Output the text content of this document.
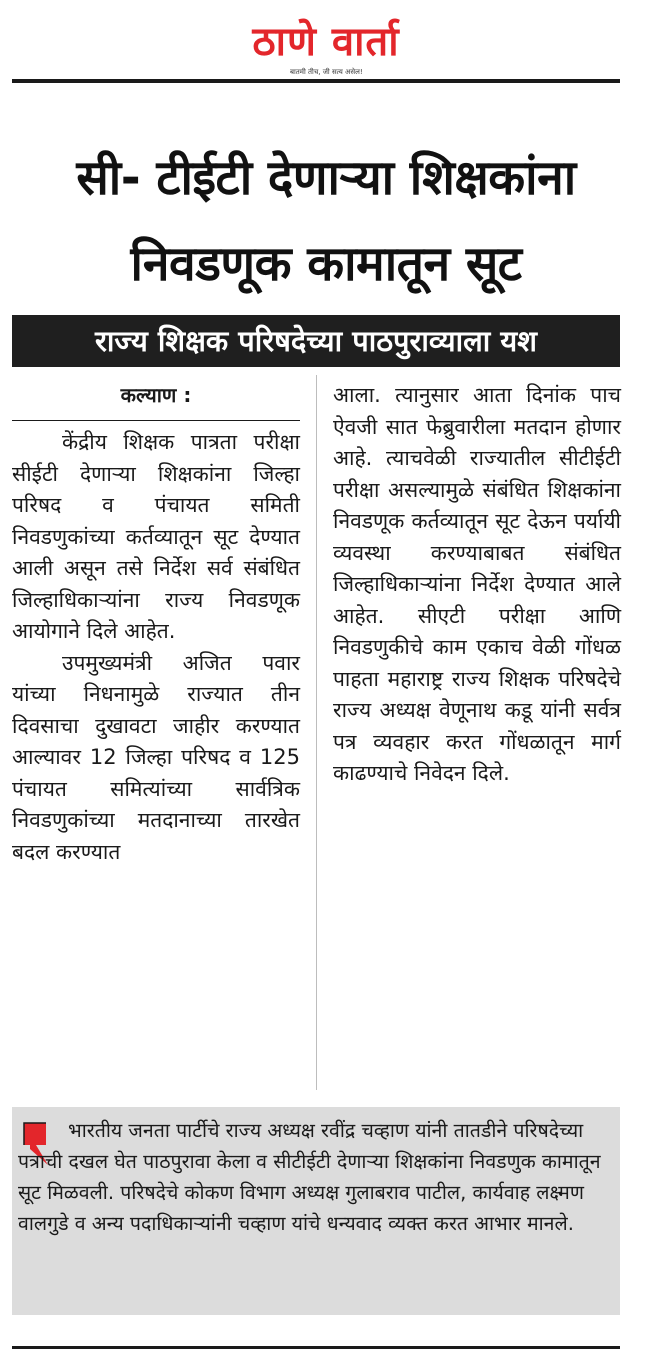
ठाणे वार्ता
बातमी तीच, जी सत्य असेल!
सी- टीईटी देणाऱ्या शिक्षकांना
निवडणूक कामातून सूट
राज्य शिक्षक परिषदेच्या पाठपुराव्याला यश
कल्याण :

केंद्रीय शिक्षक पात्रता परीक्षा सीईटी देणाऱ्या शिक्षकांना जिल्हा परिषद व पंचायत समिती निवडणुकांच्या कर्तव्यातून सूट देण्यात आली असून तसे निर्देश सर्व संबंधित जिल्हाधिकाऱ्यांना राज्य निवडणूक आयोगाने दिले आहेत.

उपमुख्यमंत्री अजित पवार यांच्या निधनामुळे राज्यात तीन दिवसाचा दुखावटा जाहीर करण्यात आल्यावर 12 जिल्हा परिषद व 125 पंचायत समित्यांच्या सार्वत्रिक निवडणुकांच्या मतदानाच्या तारखेत बदल करण्यात

आला. त्यानुसार आता दिनांक पाच ऐवजी सात फेब्रुवारीला मतदान होणार आहे. त्याचवेळी राज्यातील सीटीईटी परीक्षा असल्यामुळे संबंधित शिक्षकांना निवडणूक कर्तव्यातून सूट देऊन पर्यायी व्यवस्था करण्याबाबत संबंधित जिल्हाधिकाऱ्यांना निर्देश देण्यात आले आहेत. सीएटी परीक्षा आणि निवडणुकीचे काम एकाच वेळी गोंधळ पाहता महाराष्ट्र राज्य शिक्षक परिषदेचे राज्य अध्यक्ष वेणूनाथ कडू यांनी सर्वत्र पत्र व्यवहार करत गोंधळातून मार्ग काढण्याचे निवेदन दिले.

भारतीय जनता पार्टीचे राज्य अध्यक्ष रवींद्र चव्हाण यांनी तातडीने परिषदेच्या पत्राची दखल घेत पाठपुरावा केला व सीटीईटी देणाऱ्या शिक्षकांना निवडणुक कामातून सूट मिळवली. परिषदेचे कोकण विभाग अध्यक्ष गुलाबराव पाटील, कार्यवाह लक्ष्मण वालगुडे व अन्य पदाधिकाऱ्यांनी चव्हाण यांचे धन्यवाद व्यक्त करत आभार मानले.
